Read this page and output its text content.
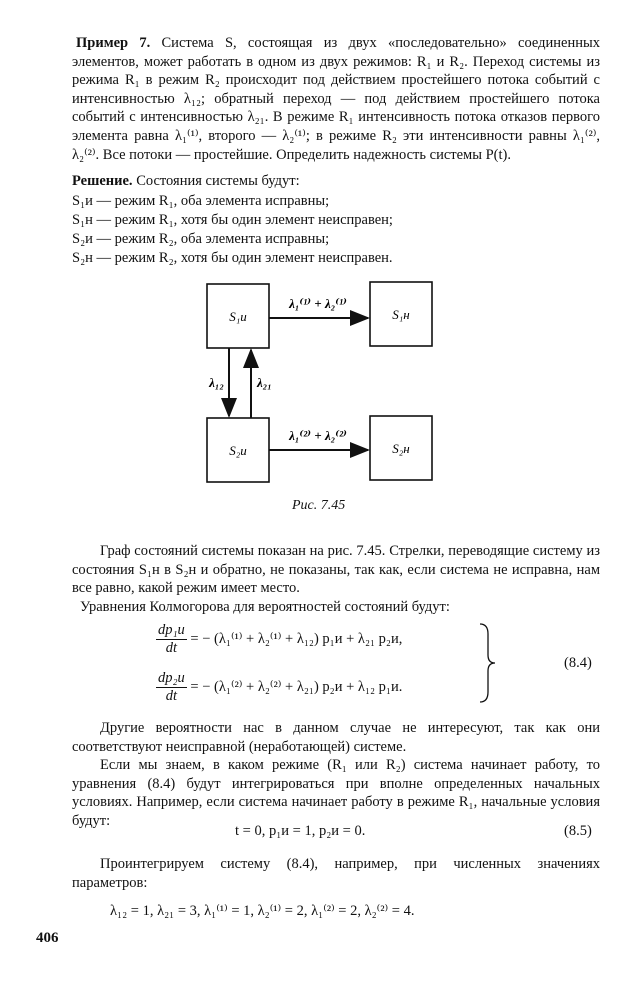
Пример 7. Система S, состоящая из двух «последовательно» соединенных элементов, может работать в одном из двух режимов: R₁ и R₂. Переход системы из режима R₁ в режим R₂ происходит под действием простейшего потока событий с интенсивностью λ₁₂; обратный переход — под действием простейшего потока событий с интенсивностью λ₂₁. В режиме R₁ интенсивность потока отказов первого элемента равна λ₁⁽¹⁾, второго — λ₂⁽¹⁾; в режиме R₂ эти интенсивности равны λ₁⁽²⁾, λ₂⁽²⁾. Все потоки — простейшие. Определить надежность системы P(t).
Решение. Состояния системы будут:
S₁и — режим R₁, оба элемента исправны;
S₁н — режим R₁, хотя бы один элемент неисправен;
S₂и — режим R₂, оба элемента исправны;
S₂н — режим R₂, хотя бы один элемент неисправен.
S₁и	S₁н
S₂и	S₂н
λ₁⁽¹⁾ + λ₂⁽¹⁾
λ₁⁽²⁾ + λ₂⁽²⁾
λ₁₂	λ₂₁
Рис. 7.45
Граф состояний системы показан на рис. 7.45. Стрелки, переводящие систему из состояния S₁н в S₂н и обратно, не показаны, так как, если система не исправна, нам все равно, какой режим имеет место.
Уравнения Колмогорова для вероятностей состояний будут:
$\frac{\text{dp₁и}}{dt}$ = − (λ₁⁽¹⁾ + λ₂⁽¹⁾ + λ₁₂) p₁и + λ₂₁ p₂и,
$\frac{\text{dp₂и}}{dt}$ = − (λ₁⁽²⁾ + λ₂⁽²⁾ + λ₂₁) p₂и + λ₁₂ p₁и.
(8.4)
Другие вероятности нас в данном случае не интересуют, так как они соответствуют неисправной (неработающей) системе.
Если мы знаем, в каком режиме (R₁ или R₂) система начинает работу, то уравнения (8.4) будут интегрироваться при вполне определенных начальных условиях. Например, если система начинает работу в режиме R₁, начальные условия будут:
t = 0, p₁и = 1, p₂и = 0.	(8.5)
Проинтегрируем систему (8.4), например, при численных значениях параметров:
λ₁₂ = 1, λ₂₁ = 3, λ₁⁽¹⁾ = 1, λ₂⁽¹⁾ = 2, λ₁⁽²⁾ = 2, λ₂⁽²⁾ = 4.
406
